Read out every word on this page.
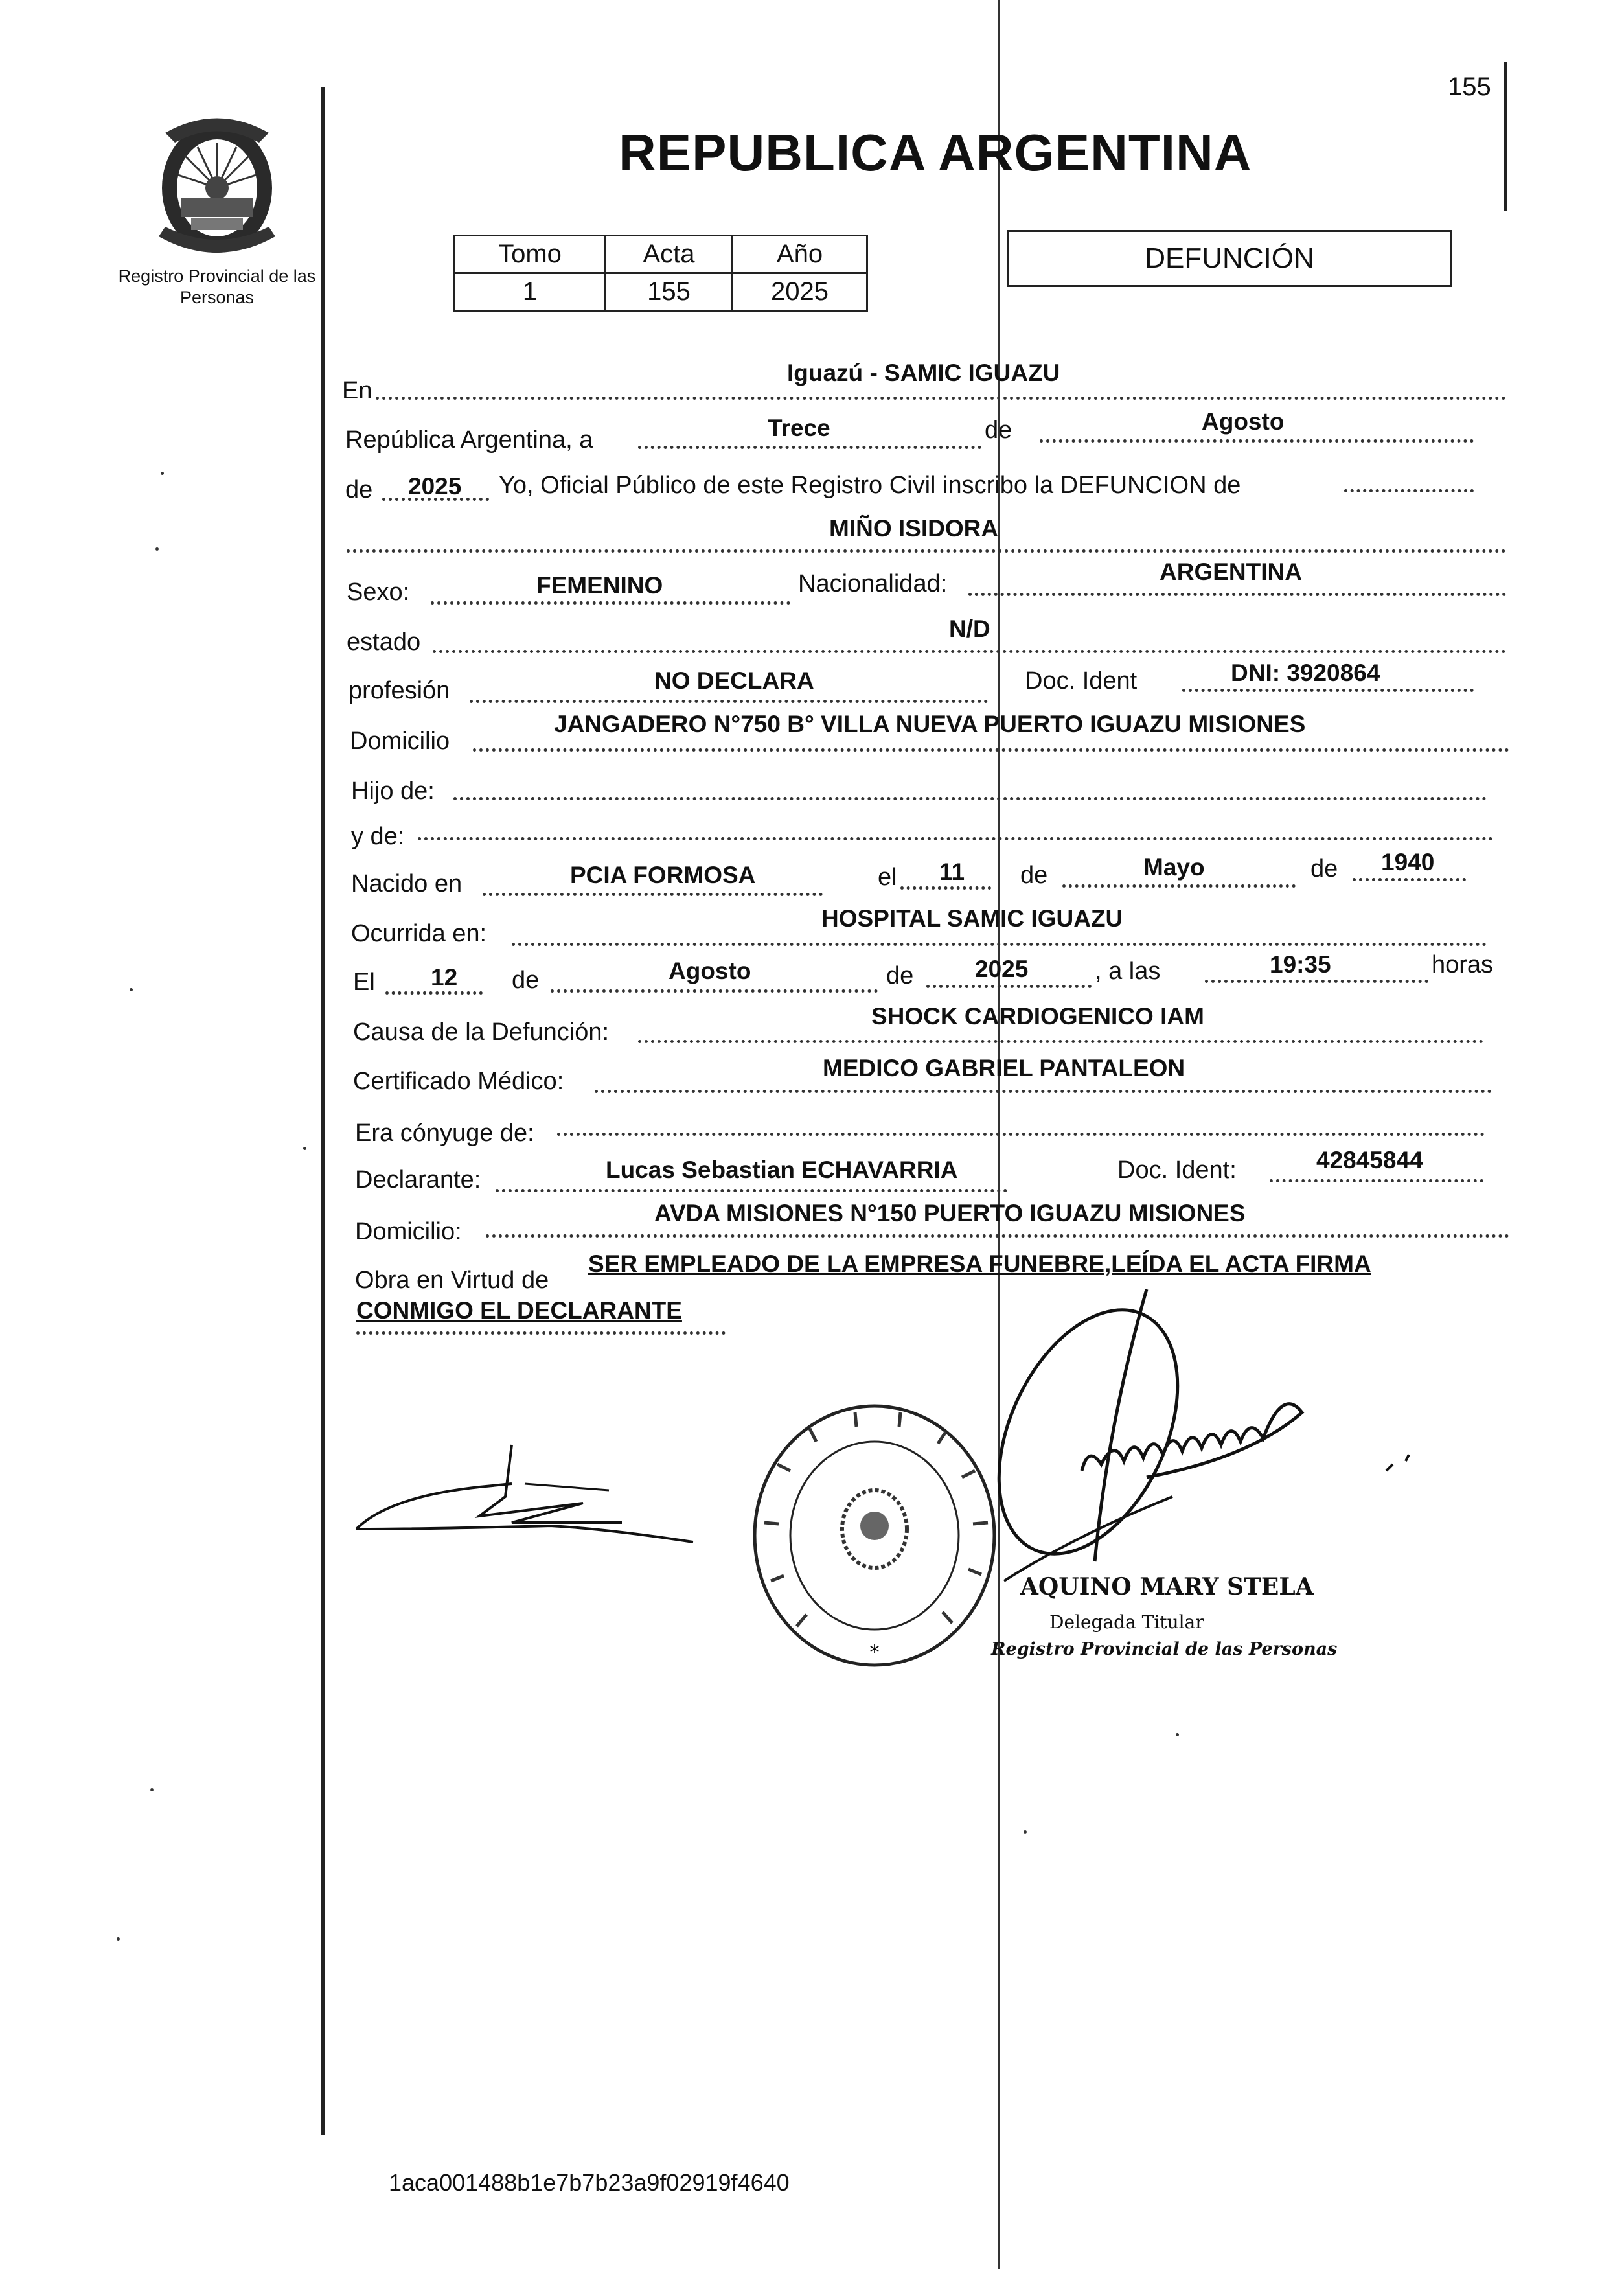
155
Registro Provincial de las Personas
REPUBLICA ARGENTINA
Tomo	Acta	Año
1	155	2025
DEFUNCIÓN
En
Iguazú - SAMIC IGUAZU
República Argentina, a	Trece	de	Agosto
de 2025 Yo, Oficial Público de este Registro Civil inscribo la DEFUNCION de
MIÑO ISIDORA
Sexo:	FEMENINO	Nacionalidad:	ARGENTINA
estado	N/D
profesión	NO DECLARA	Doc. Ident	DNI: 3920864
Domicilio
JANGADERO N°750 B° VILLA NUEVA PUERTO IGUAZU MISIONES
Hijo de:
y de:
Nacido en	PCIA FORMOSA	el 11 de	Mayo	de 1940
Ocurrida en:
HOSPITAL SAMIC IGUAZU
El 12 de	Agosto	de	2025	, a las	19:35	horas
Causa de la Defunción:
SHOCK CARDIOGENICO IAM
Certificado Médico:	MEDICO GABRIEL PANTALEON
Era cónyuge de:
Declarante:	Lucas Sebastian ECHAVARRIA	Doc. Ident:	42845844
Domicilio:
AVDA MISIONES N°150 PUERTO IGUAZU MISIONES
Obra en Virtud de
SER EMPLEADO DE LA EMPRESA FUNEBRE,LEÍDA EL ACTA FIRMA
CONMIGO EL DECLARANTE
*
AQUINO MARY STELA
Delegada Titular
Registro Provincial de las Personas
1aca001488b1e7b7b23a9f02919f4640
